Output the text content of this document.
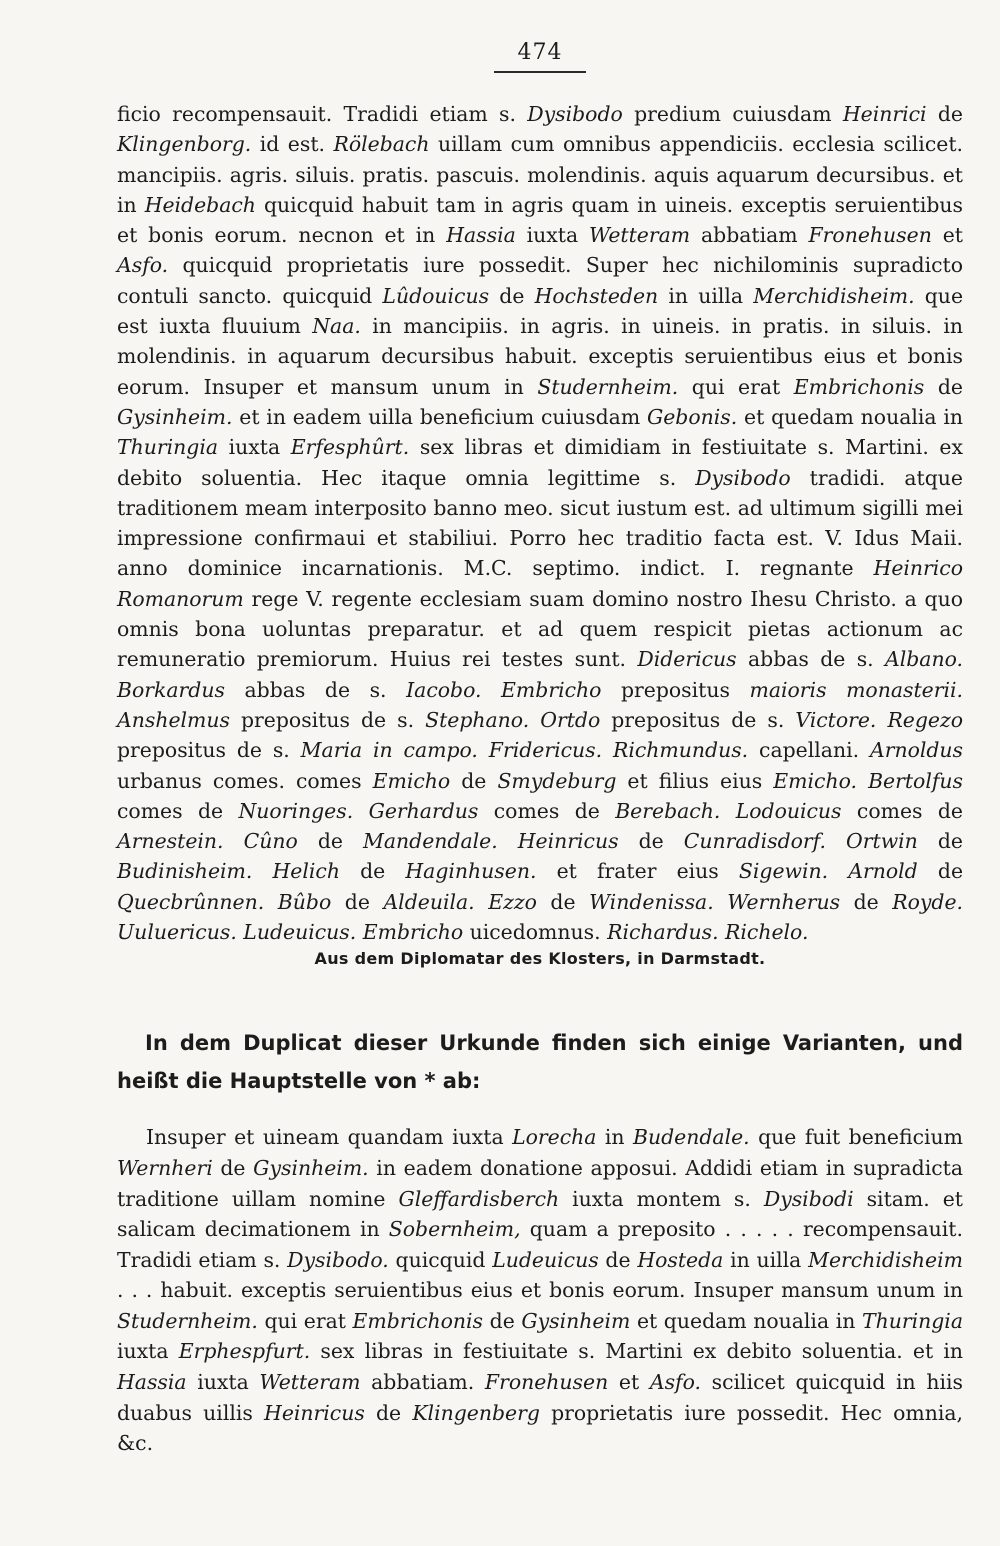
474

ficio recompensauit. Tradidi etiam s. Dysibodo predium cuiusdam Heinrici de Klingenborg. id est. Rölebach uillam cum omnibus appendiciis. ecclesia scilicet. mancipiis. agris. siluis. pratis. pascuis. molendinis. aquis aquarum decursibus. et in Heidebach quicquid habuit tam in agris quam in uineis. exceptis seruientibus et bonis eorum. necnon et in Hassia iuxta Wetteram abbatiam Fronehusen et Asfo. quicquid proprietatis iure possedit. Super hec nichilominis supradicto contuli sancto. quicquid Lûdouicus de Hochsteden in uilla Merchidisheim. que est iuxta fluuium Naa. in mancipiis. in agris. in uineis. in pratis. in siluis. in molendinis. in aquarum decursibus habuit. exceptis seruientibus eius et bonis eorum. Insuper et mansum unum in Studernheim. qui erat Embrichonis de Gysinheim. et in eadem uilla beneficium cuiusdam Gebonis. et quedam noualia in Thuringia iuxta Erfesphûrt. sex libras et dimidiam in festiuitate s. Martini. ex debito soluentia. Hec itaque omnia legittime s. Dysibodo tradidi. atque traditionem meam interposito banno meo. sicut iustum est. ad ultimum sigilli mei impressione confirmaui et stabiliui. Porro hec traditio facta est. V. Idus Maii. anno dominice incarnationis. M.C. septimo. indict. I. regnante Heinrico Romanorum rege V. regente ecclesiam suam domino nostro Ihesu Christo. a quo omnis bona uoluntas preparatur. et ad quem respicit pietas actionum ac remuneratio premiorum. Huius rei testes sunt. Didericus abbas de s. Albano. Borkardus abbas de s. Iacobo. Embricho prepositus maioris monasterii. Anshelmus prepositus de s. Stephano. Ortdo prepositus de s. Victore. Regezo prepositus de s. Maria in campo. Fridericus. Richmundus. capellani. Arnoldus urbanus comes. comes Emicho de Smydeburg et filius eius Emicho. Bertolfus comes de Nuoringes. Gerhardus comes de Berebach. Lodouicus comes de Arnestein. Cûno de Mandendale. Heinricus de Cunradisdorf. Ortwin de Budinisheim. Helich de Haginhusen. et frater eius Sigewin. Arnold de Quecbrûnnen. Bûbo de Aldeuila. Ezzo de Windenissa. Wernherus de Royde. Uuluericus. Ludeuicus. Embricho uicedomnus. Richardus. Richelo.

Aus dem Diplomatar des Klosters, in Darmstadt.

In dem Duplicat dieser Urkunde finden sich einige Varianten, und heißt die Hauptstelle von * ab:

Insuper et uineam quandam iuxta Lorecha in Budendale. que fuit beneficium Wernheri de Gysinheim. in eadem donatione apposui. Addidi etiam in supradicta traditione uillam nomine Gleffardisberch iuxta montem s. Dysibodi sitam. et salicam decimationem in Sobernheim, quam a preposito . . . . . recompensauit. Tradidi etiam s. Dysibodo. quicquid Ludeuicus de Hosteda in uilla Merchidisheim . . . habuit. exceptis seruientibus eius et bonis eorum. Insuper mansum unum in Studernheim. qui erat Embrichonis de Gysinheim et quedam noualia in Thuringia iuxta Erphespfurt. sex libras in festiuitate s. Martini ex debito soluentia. et in Hassia iuxta Wetteram abbatiam. Fronehusen et Asfo. scilicet quicquid in hiis duabus uillis Heinricus de Klingenberg proprietatis iure possedit. Hec omnia, &c.
